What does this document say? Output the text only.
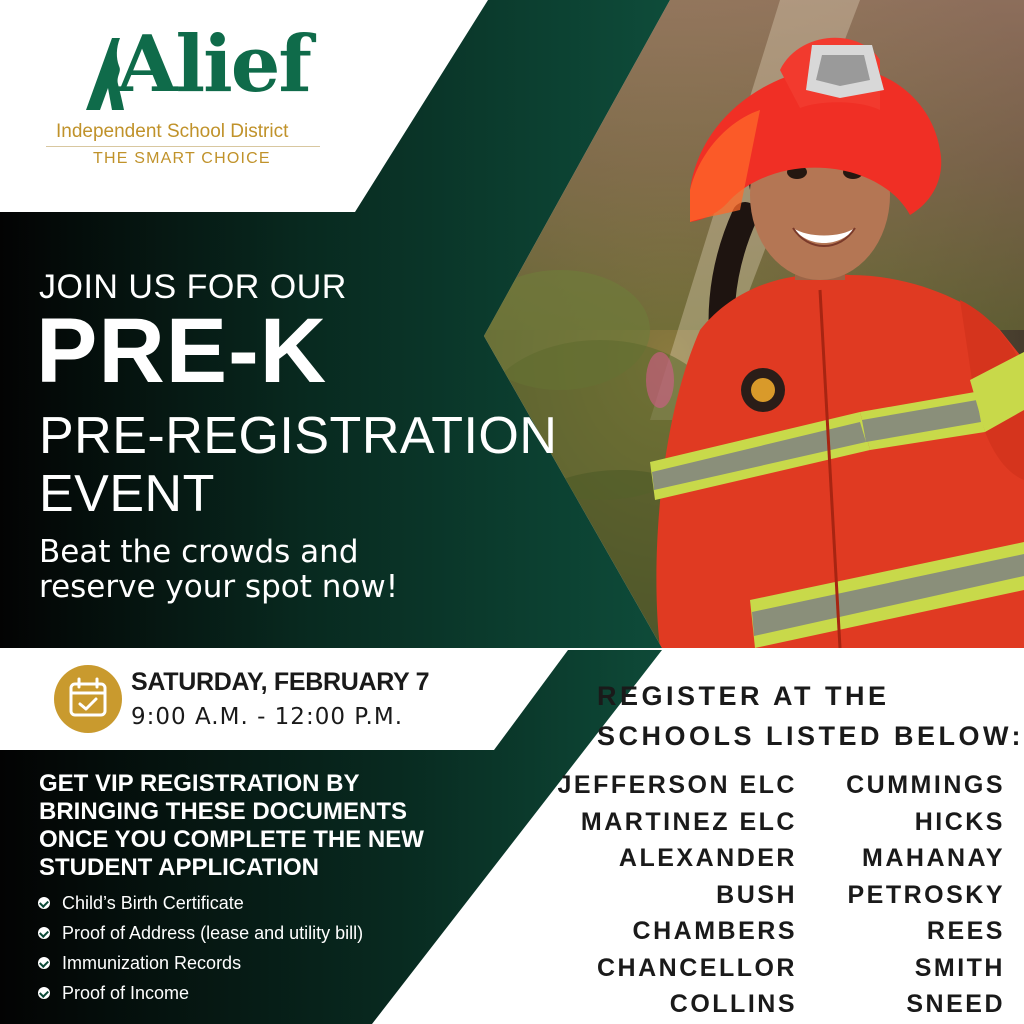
Alief
Independent School District
THE SMART CHOICE
JOIN US FOR OUR
PRE-K
PRE-REGISTRATION
EVENT
Beat the crowds and
reserve your spot now!
SATURDAY, FEBRUARY 7
9:00 A.M. - 12:00 P.M.
GET VIP REGISTRATION BY
BRINGING THESE DOCUMENTS
ONCE YOU COMPLETE THE NEW
STUDENT APPLICATION
Child’s Birth Certificate
Proof of Address (lease and utility bill)
Immunization Records
Proof of Income
REGISTER AT THE
SCHOOLS LISTED BELOW:
JEFFERSON ELC
MARTINEZ ELC
ALEXANDER
BUSH
CHAMBERS
CHANCELLOR
COLLINS
CUMMINGS
HICKS
MAHANAY
PETROSKY
REES
SMITH
SNEED
